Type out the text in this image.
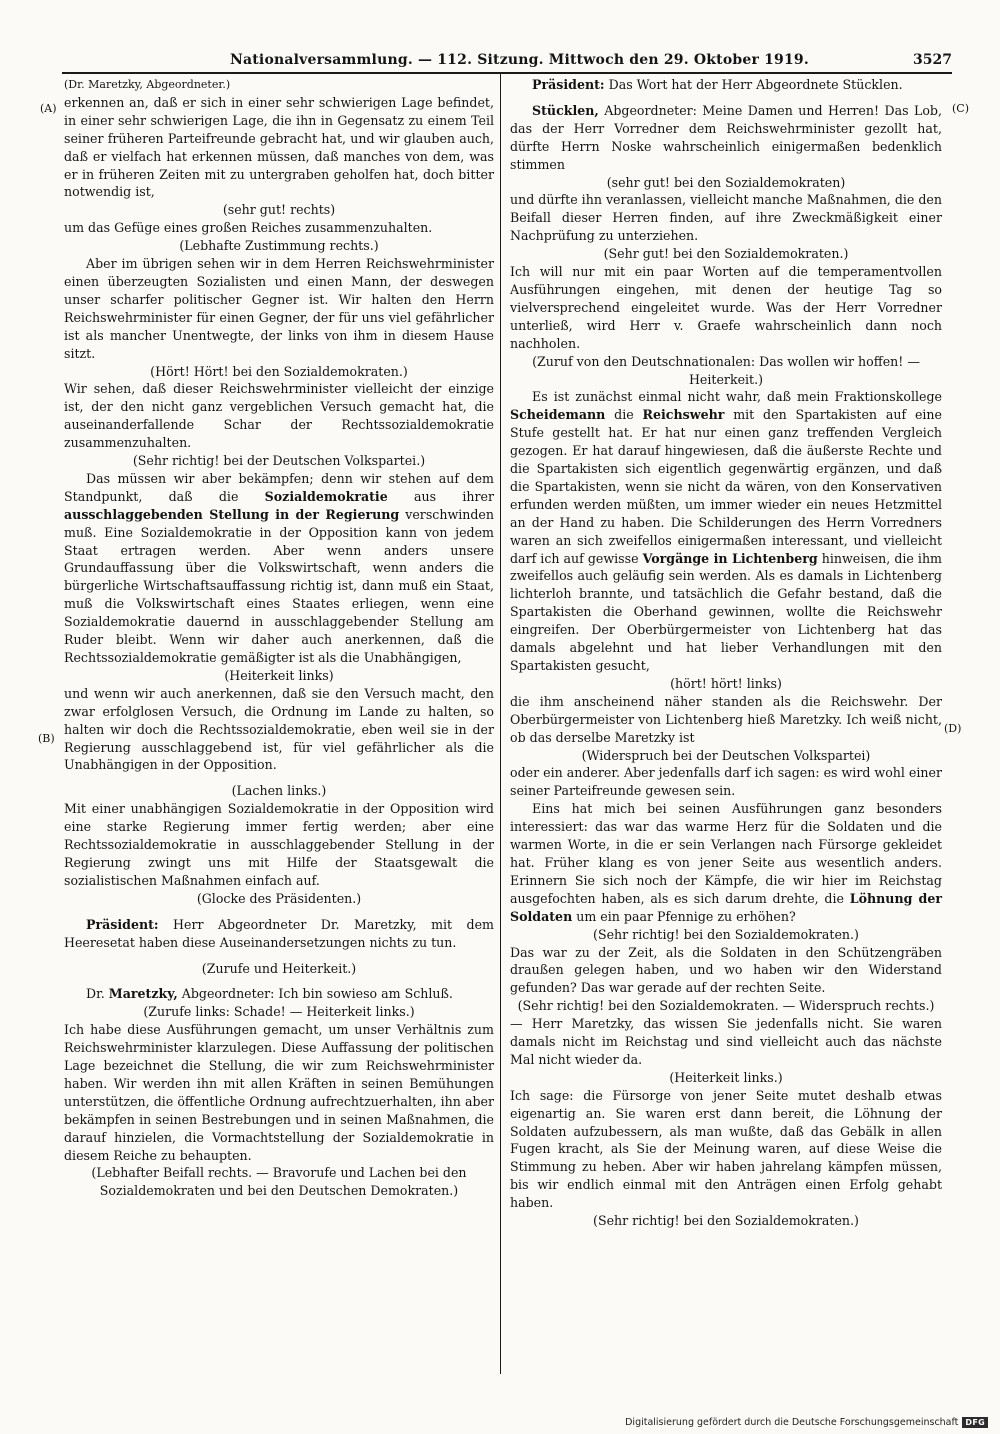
Nationalversammlung. — 112. Sitzung. Mittwoch den 29. Oktober 1919.	3527
(A)
(B)
(C)
(D)

(Dr. Maretzky, Abgeordneter.)

erkennen an, daß er sich in einer sehr schwierigen Lage befindet, in einer sehr schwierigen Lage, die ihn in Gegensatz zu einem Teil seiner früheren Parteifreunde gebracht hat, und wir glauben auch, daß er vielfach hat erkennen müssen, daß manches von dem, was er in früheren Zeiten mit zu untergraben geholfen hat, doch bitter notwendig ist,

(sehr gut! rechts)

um das Gefüge eines großen Reiches zusammenzuhalten.

(Lebhafte Zustimmung rechts.)

Aber im übrigen sehen wir in dem Herren Reichswehrminister einen überzeugten Sozialisten und einen Mann, der deswegen unser scharfer politischer Gegner ist. Wir halten den Herrn Reichswehrminister für einen Gegner, der für uns viel gefährlicher ist als mancher Unentwegte, der links von ihm in diesem Hause sitzt.

(Hört! Hört! bei den Sozialdemokraten.)

Wir sehen, daß dieser Reichswehrminister vielleicht der einzige ist, der den nicht ganz vergeblichen Versuch gemacht hat, die auseinanderfallende Schar der Rechtssozialdemokratie zusammenzuhalten.

(Sehr richtig! bei der Deutschen Volkspartei.)

Das müssen wir aber bekämpfen; denn wir stehen auf dem Standpunkt, daß die Sozialdemokratie aus ihrer ausschlaggebenden Stellung in der Regierung verschwinden muß. Eine Sozialdemokratie in der Opposition kann von jedem Staat ertragen werden. Aber wenn anders unsere Grundauffassung über die Volkswirtschaft, wenn anders die bürgerliche Wirtschaftsauffassung richtig ist, dann muß ein Staat, muß die Volkswirtschaft eines Staates erliegen, wenn eine Sozialdemokratie dauernd in ausschlaggebender Stellung am Ruder bleibt. Wenn wir daher auch anerkennen, daß die Rechtssozialdemokratie gemäßigter ist als die Unabhängigen,

(Heiterkeit links)

und wenn wir auch anerkennen, daß sie den Versuch macht, den zwar erfolglosen Versuch, die Ordnung im Lande zu halten, so halten wir doch die Rechtssozialdemokratie, eben weil sie in der Regierung ausschlaggebend ist, für viel gefährlicher als die Unabhängigen in der Opposition.

(Lachen links.)

Mit einer unabhängigen Sozialdemokratie in der Opposition wird eine starke Regierung immer fertig werden; aber eine Rechtssozialdemokratie in ausschlaggebender Stellung in der Regierung zwingt uns mit Hilfe der Staatsgewalt die sozialistischen Maßnahmen einfach auf.

(Glocke des Präsidenten.)

Präsident: Herr Abgeordneter Dr. Maretzky, mit dem Heeresetat haben diese Auseinandersetzungen nichts zu tun.

(Zurufe und Heiterkeit.)

Dr. Maretzky, Abgeordneter: Ich bin sowieso am Schluß.

(Zurufe links: Schade! — Heiterkeit links.)

Ich habe diese Ausführungen gemacht, um unser Verhältnis zum Reichswehrminister klarzulegen. Diese Auffassung der politischen Lage bezeichnet die Stellung, die wir zum Reichswehrminister haben. Wir werden ihn mit allen Kräften in seinen Bemühungen unterstützen, die öffentliche Ordnung aufrechtzuerhalten, ihn aber bekämpfen in seinen Bestrebungen und in seinen Maßnahmen, die darauf hinzielen, die Vormachtstellung der Sozialdemokratie in diesem Reiche zu behaupten.

(Lebhafter Beifall rechts. — Bravorufe und Lachen bei den Sozialdemokraten und bei den Deutschen Demokraten.)

Präsident: Das Wort hat der Herr Abgeordnete Stücklen.

Stücklen, Abgeordneter: Meine Damen und Herren! Das Lob, das der Herr Vorredner dem Reichswehrminister gezollt hat, dürfte Herrn Noske wahrscheinlich einigermaßen bedenklich stimmen

(sehr gut! bei den Sozialdemokraten)

und dürfte ihn veranlassen, vielleicht manche Maßnahmen, die den Beifall dieser Herren finden, auf ihre Zweckmäßigkeit einer Nachprüfung zu unterziehen.

(Sehr gut! bei den Sozialdemokraten.)

Ich will nur mit ein paar Worten auf die temperamentvollen Ausführungen eingehen, mit denen der heutige Tag so vielversprechend eingeleitet wurde. Was der Herr Vorredner unterließ, wird Herr v. Graefe wahrscheinlich dann noch nachholen.

(Zuruf von den Deutschnationalen: Das wollen wir hoffen! — Heiterkeit.)

Es ist zunächst einmal nicht wahr, daß mein Fraktionskollege Scheidemann die Reichswehr mit den Spartakisten auf eine Stufe gestellt hat. Er hat nur einen ganz treffenden Vergleich gezogen. Er hat darauf hingewiesen, daß die äußerste Rechte und die Spartakisten sich eigentlich gegenwärtig ergänzen, und daß die Spartakisten, wenn sie nicht da wären, von den Konservativen erfunden werden müßten, um immer wieder ein neues Hetzmittel an der Hand zu haben. Die Schilderungen des Herrn Vorredners waren an sich zweifellos einigermaßen interessant, und vielleicht darf ich auf gewisse Vorgänge in Lichtenberg hinweisen, die ihm zweifellos auch geläufig sein werden. Als es damals in Lichtenberg lichterloh brannte, und tatsächlich die Gefahr bestand, daß die Spartakisten die Oberhand gewinnen, wollte die Reichswehr eingreifen. Der Oberbürgermeister von Lichtenberg hat das damals abgelehnt und hat lieber Verhandlungen mit den Spartakisten gesucht,

(hört! hört! links)

die ihm anscheinend näher standen als die Reichswehr. Der Oberbürgermeister von Lichtenberg hieß Maretzky. Ich weiß nicht, ob das derselbe Maretzky ist

(Widerspruch bei der Deutschen Volkspartei)

oder ein anderer. Aber jedenfalls darf ich sagen: es wird wohl einer seiner Parteifreunde gewesen sein.

Eins hat mich bei seinen Ausführungen ganz besonders interessiert: das war das warme Herz für die Soldaten und die warmen Worte, in die er sein Verlangen nach Fürsorge gekleidet hat. Früher klang es von jener Seite aus wesentlich anders. Erinnern Sie sich noch der Kämpfe, die wir hier im Reichstag ausgefochten haben, als es sich darum drehte, die Löhnung der Soldaten um ein paar Pfennige zu erhöhen?

(Sehr richtig! bei den Sozialdemokraten.)

Das war zu der Zeit, als die Soldaten in den Schützengräben draußen gelegen haben, und wo haben wir den Widerstand gefunden? Das war gerade auf der rechten Seite.

(Sehr richtig! bei den Sozialdemokraten. — Widerspruch rechts.)

— Herr Maretzky, das wissen Sie jedenfalls nicht. Sie waren damals nicht im Reichstag und sind vielleicht auch das nächste Mal nicht wieder da.

(Heiterkeit links.)

Ich sage: die Fürsorge von jener Seite mutet deshalb etwas eigenartig an. Sie waren erst dann bereit, die Löhnung der Soldaten aufzubessern, als man wußte, daß das Gebälk in allen Fugen kracht, als Sie der Meinung waren, auf diese Weise die Stimmung zu heben. Aber wir haben jahrelang kämpfen müssen, bis wir endlich einmal mit den Anträgen einen Erfolg gehabt haben.

(Sehr richtig! bei den Sozialdemokraten.)

Digitalisierung gefördert durch die Deutsche Forschungsgemeinschaft DFG
